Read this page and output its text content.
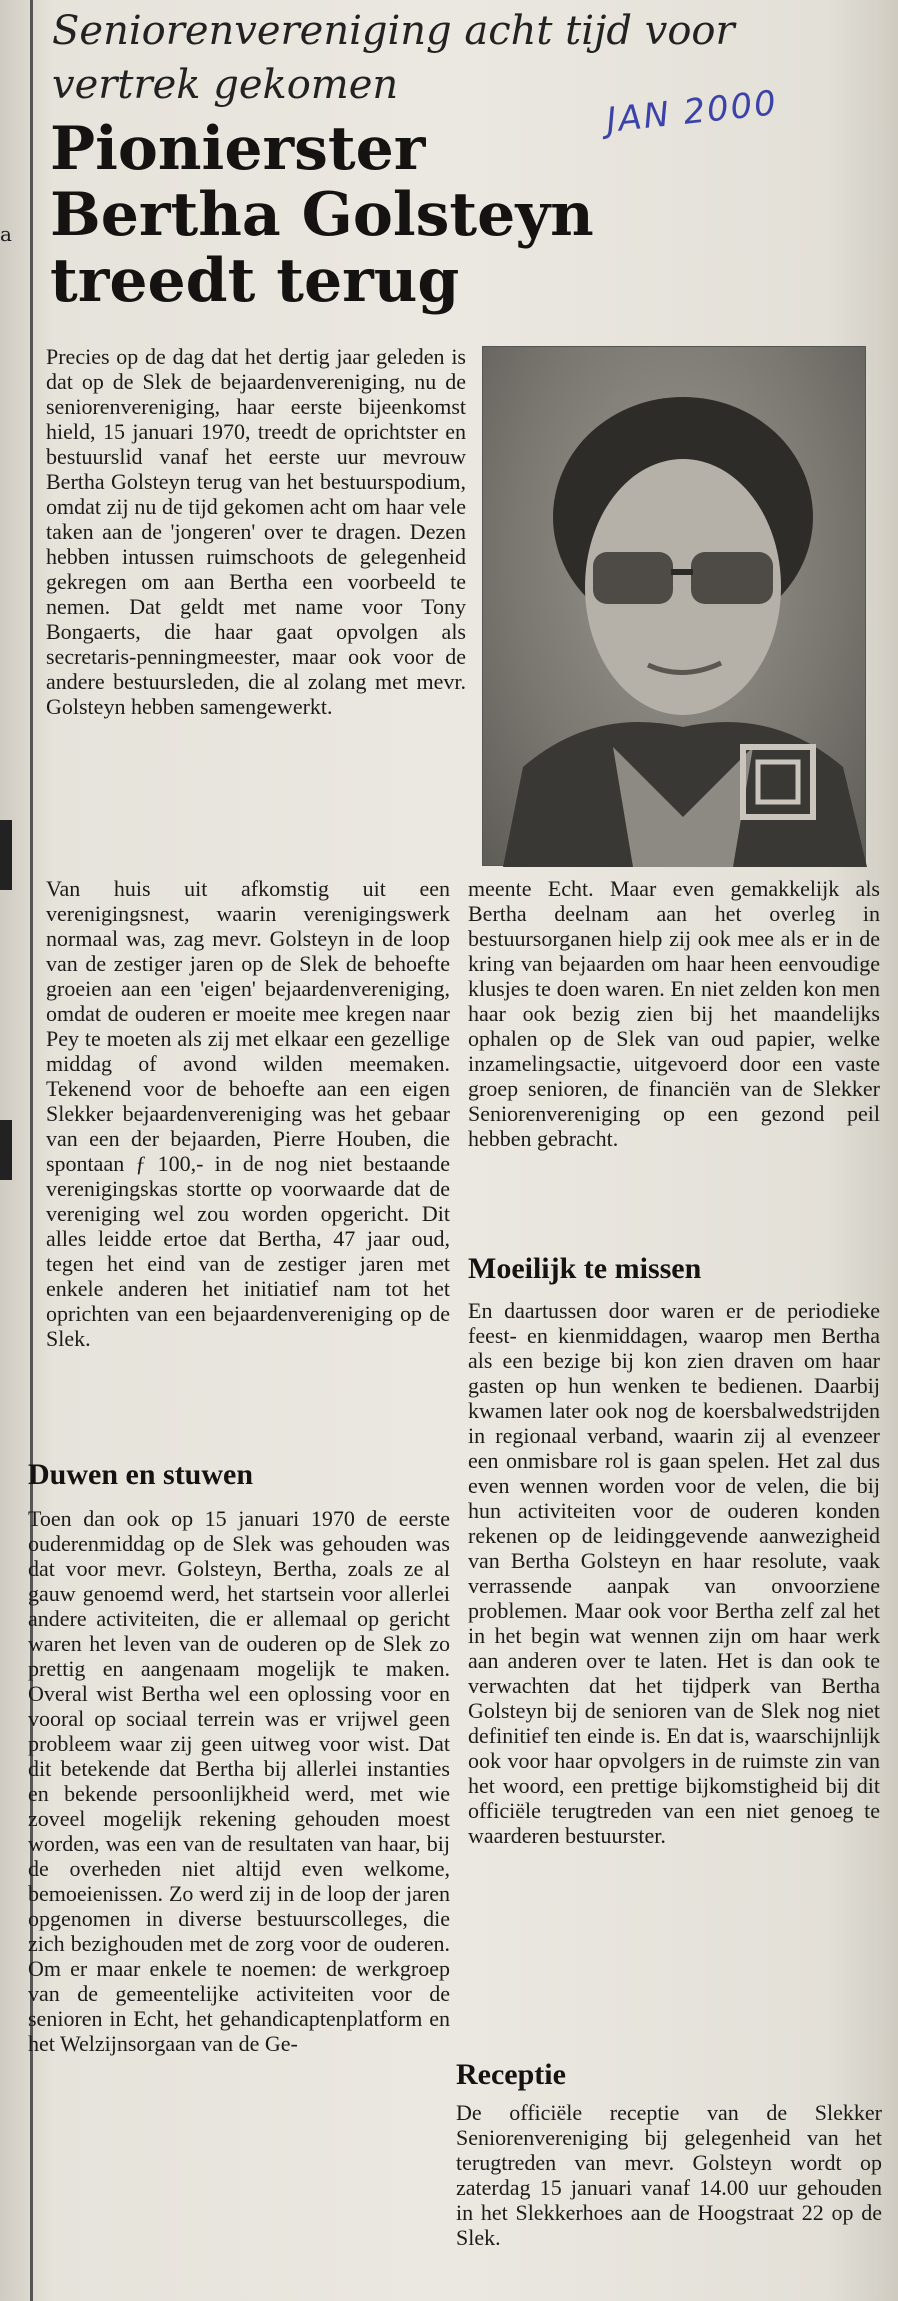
a
Seniorenvereniging acht tijd voor vertrek gekomen	JAN 2000
Pionierster Bertha Golsteyn treedt terug

Precies op de dag dat het dertig jaar geleden is dat op de Slek de bejaardenvereniging, nu de seniorenvereniging, haar eerste bijeenkomst hield, 15 januari 1970, treedt de oprichtster en bestuurslid vanaf het eerste uur mevrouw Bertha Golsteyn terug van het bestuurspodium, omdat zij nu de tijd gekomen acht om haar vele taken aan de 'jongeren' over te dragen. Dezen hebben intussen ruimschoots de gelegenheid gekregen om aan Bertha een voorbeeld te nemen. Dat geldt met name voor Tony Bongaerts, die haar gaat opvolgen als secretaris-penningmeester, maar ook voor de andere bestuursleden, die al zolang met mevr. Golsteyn hebben samengewerkt.

Van huis uit afkomstig uit een verenigingsnest, waarin verenigingswerk normaal was, zag mevr. Golsteyn in de loop van de zestiger jaren op de Slek de behoefte groeien aan een 'eigen' bejaardenvereniging, omdat de ouderen er moeite mee kregen naar Pey te moeten als zij met elkaar een gezellige middag of avond wilden meemaken. Tekenend voor de behoefte aan een eigen Slekker bejaardenvereniging was het gebaar van een der bejaarden, Pierre Houben, die spontaan ƒ 100,- in de nog niet bestaande verenigingskas stortte op voorwaarde dat de vereniging wel zou worden opgericht. Dit alles leidde ertoe dat Bertha, 47 jaar oud, tegen het eind van de zestiger jaren met enkele anderen het initiatief nam tot het oprichten van een bejaardenvereniging op de Slek.

Duwen en stuwen

Toen dan ook op 15 januari 1970 de eerste ouderenmiddag op de Slek was gehouden was dat voor mevr. Golsteyn, Bertha, zoals ze al gauw genoemd werd, het startsein voor allerlei andere activiteiten, die er allemaal op gericht waren het leven van de ouderen op de Slek zo prettig en aangenaam mogelijk te maken. Overal wist Bertha wel een oplossing voor en vooral op sociaal terrein was er vrijwel geen probleem waar zij geen uitweg voor wist. Dat dit betekende dat Bertha bij allerlei instanties en bekende persoonlijkheid werd, met wie zoveel mogelijk rekening gehouden moest worden, was een van de resultaten van haar, bij de overheden niet altijd even welkome, bemoeienissen. Zo werd zij in de loop der jaren opgenomen in diverse bestuurscolleges, die zich bezighouden met de zorg voor de ouderen. Om er maar enkele te noemen: de werkgroep van de gemeentelijke activiteiten voor de senioren in Echt, het gehandicaptenplatform en het Welzijnsorgaan van de Ge-

meente Echt. Maar even gemakkelijk als Bertha deelnam aan het overleg in bestuursorganen hielp zij ook mee als er in de kring van bejaarden om haar heen eenvoudige klusjes te doen waren. En niet zelden kon men haar ook bezig zien bij het maandelijks ophalen op de Slek van oud papier, welke inzamelingsactie, uitgevoerd door een vaste groep senioren, de financiën van de Slekker Seniorenvereniging op een gezond peil hebben gebracht.

Moeilijk te missen

En daartussen door waren er de periodieke feest- en kienmiddagen, waarop men Bertha als een bezige bij kon zien draven om haar gasten op hun wenken te bedienen. Daarbij kwamen later ook nog de koersbalwedstrijden in regionaal verband, waarin zij al evenzeer een onmisbare rol is gaan spelen. Het zal dus even wennen worden voor de velen, die bij hun activiteiten voor de ouderen konden rekenen op de leidinggevende aanwezigheid van Bertha Golsteyn en haar resolute, vaak verrassende aanpak van onvoorziene problemen. Maar ook voor Bertha zelf zal het in het begin wat wennen zijn om haar werk aan anderen over te laten. Het is dan ook te verwachten dat het tijdperk van Bertha Golsteyn bij de senioren van de Slek nog niet definitief ten einde is. En dat is, waarschijnlijk ook voor haar opvolgers in de ruimste zin van het woord, een prettige bijkomstigheid bij dit officiële terugtreden van een niet genoeg te waarderen bestuurster.

Receptie

De officiële receptie van de Slekker Seniorenvereniging bij gelegenheid van het terugtreden van mevr. Golsteyn wordt op zaterdag 15 januari vanaf 14.00 uur gehouden in het Slekkerhoes aan de Hoogstraat 22 op de Slek.
